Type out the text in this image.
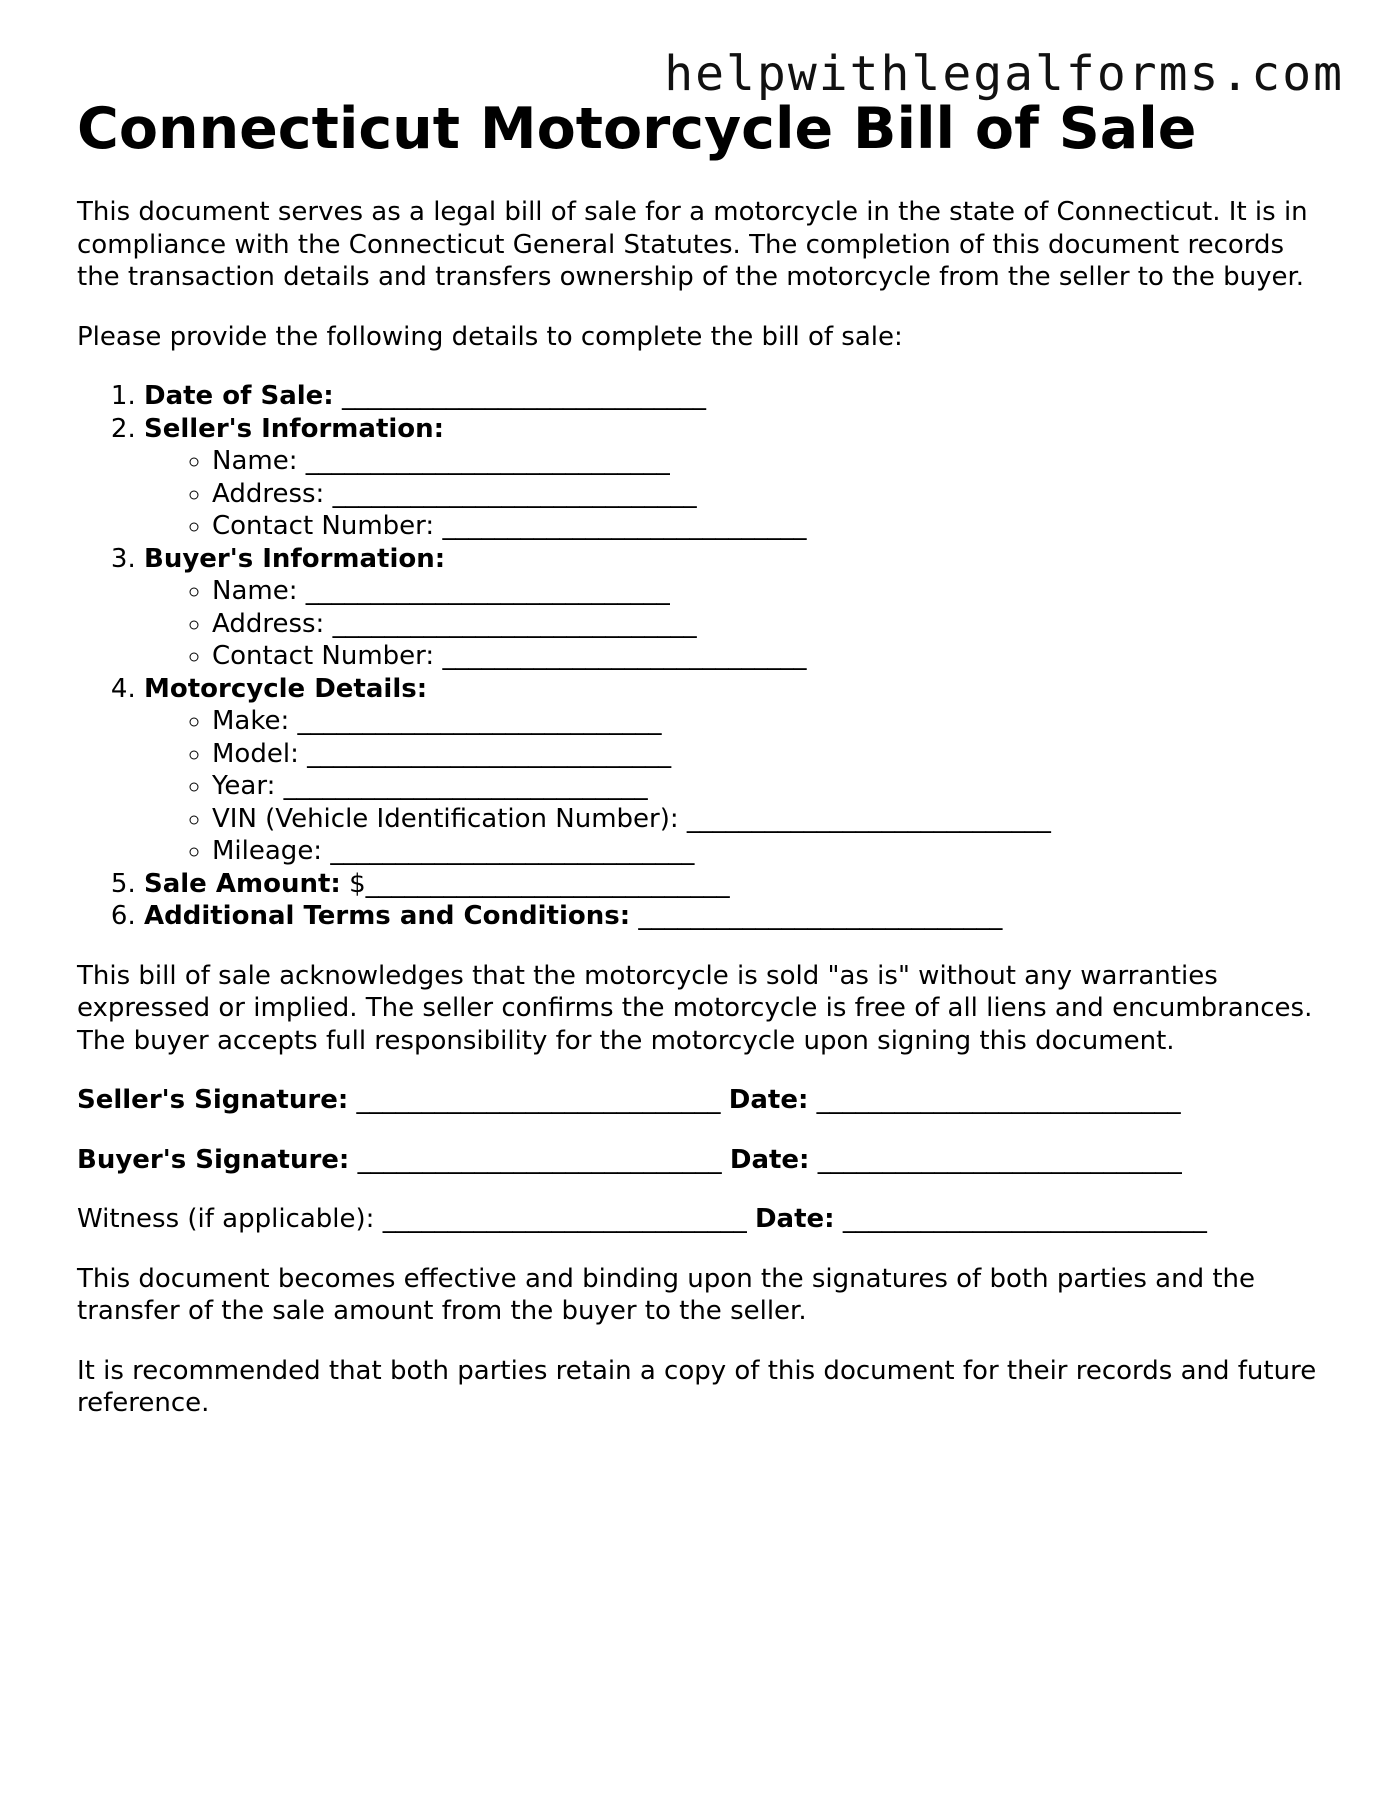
helpwithlegalforms.com
Connecticut Motorcycle Bill of Sale

This document serves as a legal bill of sale for a motorcycle in the state of Connecticut. It is in compliance with the Connecticut General Statutes. The completion of this document records the transaction details and transfers ownership of the motorcycle from the seller to the buyer.

Please provide the following details to complete the bill of sale:

1. Date of Sale: ____________________________
2. Seller's Information:
◦ Name: ____________________________
◦ Address: ____________________________
◦ Contact Number: ____________________________
3. Buyer's Information:
◦ Name: ____________________________
◦ Address: ____________________________
◦ Contact Number: ____________________________
4. Motorcycle Details:
◦ Make: ____________________________
◦ Model: ____________________________
◦ Year: ____________________________
◦ VIN (Vehicle Identification Number): ____________________________
◦ Mileage: ____________________________
5. Sale Amount: $____________________________
6. Additional Terms and Conditions: ____________________________

This bill of sale acknowledges that the motorcycle is sold "as is" without any warranties expressed or implied. The seller confirms the motorcycle is free of all liens and encumbrances. The buyer accepts full responsibility for the motorcycle upon signing this document.

Seller's Signature: ____________________________ Date: ____________________________

Buyer's Signature: ____________________________ Date: ____________________________

Witness (if applicable): ____________________________ Date: ____________________________

This document becomes effective and binding upon the signatures of both parties and the transfer of the sale amount from the buyer to the seller.

It is recommended that both parties retain a copy of this document for their records and future reference.
